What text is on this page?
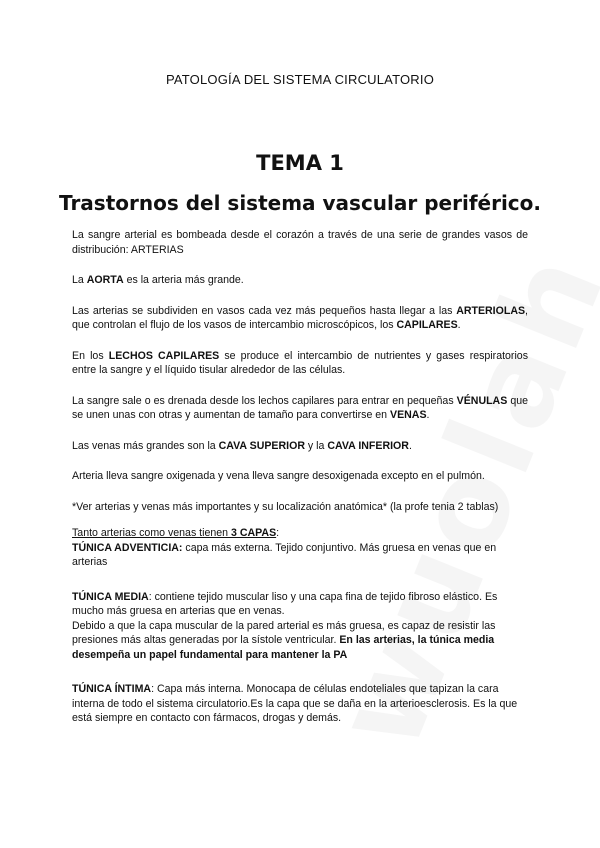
PATOLOGÍA DEL SISTEMA CIRCULATORIO
TEMA 1
Trastornos del sistema vascular periférico.

La sangre arterial es bombeada desde el corazón a través de una serie de grandes vasos de distribución: ARTERIAS

La AORTA es la arteria más grande.

Las arterias se subdividen en vasos cada vez más pequeños hasta llegar a las ARTERIOLAS, que controlan el flujo de los vasos de intercambio microscópicos, los CAPILARES.

En los LECHOS CAPILARES se produce el intercambio de nutrientes y gases respiratorios entre la sangre y el líquido tisular alrededor de las células.

La sangre sale o es drenada desde los lechos capilares para entrar en pequeñas VÉNULAS que se unen unas con otras y aumentan de tamaño para convertirse en VENAS.

Las venas más grandes son la CAVA SUPERIOR y la CAVA INFERIOR.

Arteria lleva sangre oxigenada y vena lleva sangre desoxigenada excepto en el pulmón.

*Ver arterias y venas más importantes y su localización anatómica* (la profe tenia 2 tablas)

Tanto arterias como venas tienen 3 CAPAS:

TÚNICA ADVENTICIA: capa más externa. Tejido conjuntivo. Más gruesa en venas que en arterias

TÚNICA MEDIA: contiene tejido muscular liso y una capa fina de tejido fibroso elástico. Es mucho más gruesa en arterias que en venas.

Debido a que la capa muscular de la pared arterial es más gruesa, es capaz de resistir las presiones más altas generadas por la sístole ventricular. En las arterias, la túnica media desempeña un papel fundamental para mantener la PA

TÚNICA ÍNTIMA: Capa más interna. Monocapa de células endoteliales que tapizan la cara interna de todo el sistema circulatorio.Es la capa que se daña en la arterioesclerosis. Es la que está siempre en contacto con fármacos, drogas y demás.
